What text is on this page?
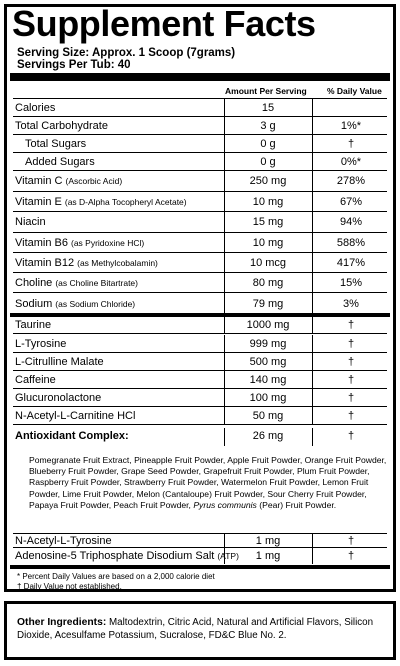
Supplement Facts
Serving Size: Approx. 1 Scoop (7grams)
Servings Per Tub: 40
Amount Per Serving % Daily Value
Calories	15
Total Carbohydrate	3 g	1%*
Total Sugars	0 g	†
Added Sugars	0 g	0%*
Vitamin C (Ascorbic Acid)	250 mg	278%
Vitamin E (as D-Alpha Tocopheryl Acetate)	10 mg	67%
Niacin	15 mg	94%
Vitamin B6 (as Pyridoxine HCl)	10 mg	588%
Vitamin B12 (as Methylcobalamin)	10 mcg	417%
Choline (as Choline Bitartrate)	80 mg	15%
Sodium (as Sodium Chloride)	79 mg	3%
Taurine	1000 mg	†
L-Tyrosine	999 mg	†
L-Citrulline Malate	500 mg	†
Caffeine	140 mg	†
Glucuronolactone	100 mg	†
N-Acetyl-L-Carnitine HCl	50 mg	†
Antioxidant Complex:	26 mg	†
N-Acetyl-L-Tyrosine	1 mg	†
Adenosine-5 Triphosphate Disodium Salt (ATP)	1 mg	†
Pomegranate Fruit Extract, Pineapple Fruit Powder, Apple Fruit Powder, Orange Fruit Powder, Blueberry Fruit Powder, Grape Seed Powder, Grapefruit Fruit Powder, Plum Fruit Powder, Raspberry Fruit Powder, Strawberry Fruit Powder, Watermelon Fruit Powder, Lemon Fruit Powder, Lime Fruit Powder, Melon (Cantaloupe) Fruit Powder, Sour Cherry Fruit Powder, Papaya Fruit Powder, Peach Fruit Powder, Pyrus communis (Pear) Fruit Powder.
* Percent Daily Values are based on a 2,000 calorie diet
† Daily Value not established.
Other Ingredients: Maltodextrin, Citric Acid, Natural and Artificial Flavors, Silicon Dioxide, Acesulfame Potassium, Sucralose, FD&C Blue No. 2.
